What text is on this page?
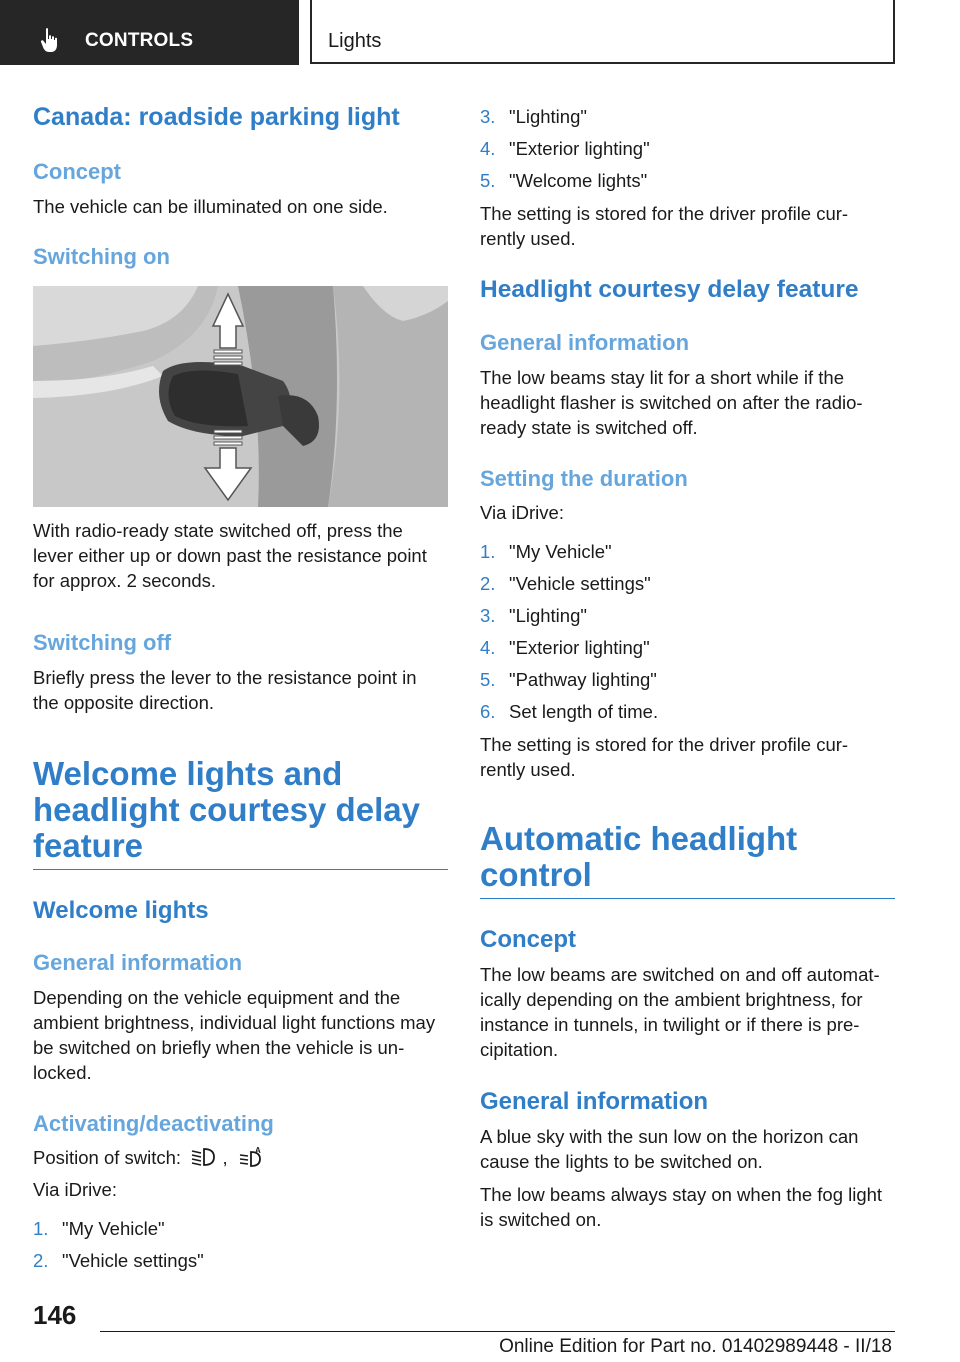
CONTROLS	Lights
Canada: roadside parking light
Concept

The vehicle can be illuminated on one side.

Switching on

With radio-ready state switched off, press the

lever either up or down past the resistance point

for approx. 2 seconds.

Switching off

Briefly press the lever to the resistance point in

the opposite direction.

Welcome lights and
headlight courtesy delay
feature
Welcome lights
General information

Depending on the vehicle equipment and the

ambient brightness, individual light functions may

be switched on briefly when the vehicle is un-

locked.

Activating/deactivating

Position of switch: ,	A

Via iDrive:

1. "My Vehicle"
2. "Vehicle settings"
3. "Lighting"
4. "Exterior lighting"
5. "Welcome lights"

The setting is stored for the driver profile cur-

rently used.

Headlight courtesy delay feature
General information

The low beams stay lit for a short while if the

headlight flasher is switched on after the radio-

ready state is switched off.

Setting the duration

Via iDrive:

1. "My Vehicle"
2. "Vehicle settings"
3. "Lighting"
4. "Exterior lighting"
5. "Pathway lighting"
6. Set length of time.

The setting is stored for the driver profile cur-

rently used.

Automatic headlight
control
Concept

The low beams are switched on and off automat-

ically depending on the ambient brightness, for

instance in tunnels, in twilight or if there is pre-

cipitation.

General information

A blue sky with the sun low on the horizon can

cause the lights to be switched on.

The low beams always stay on when the fog light

is switched on.

146
Online Edition for Part no. 01402989448 - II/18
